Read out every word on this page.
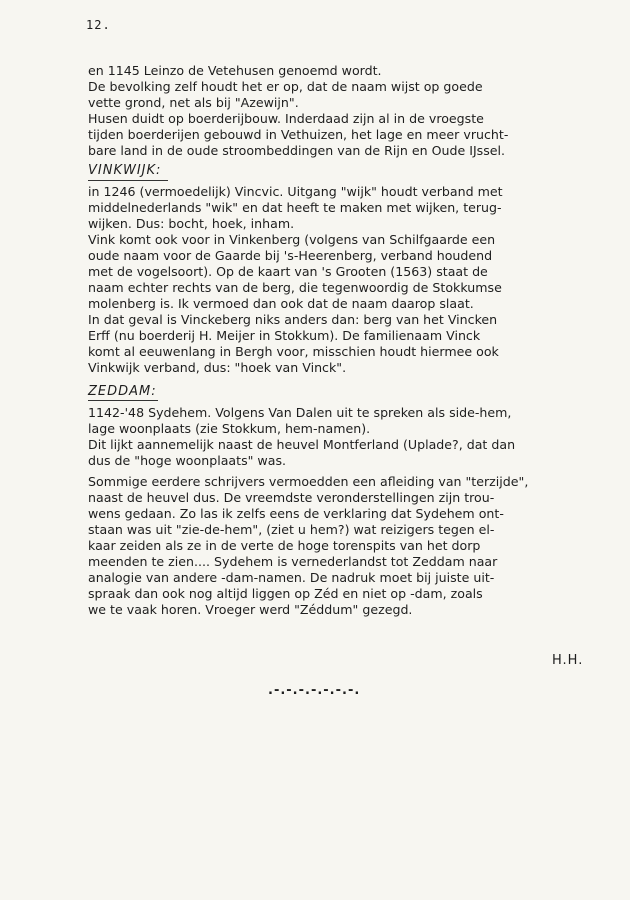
12.

en 1145 Leinzo de Vetehusen genoemd wordt.
De bevolking zelf houdt het er op, dat de naam wijst op goede
vette grond, net als bij "Azewijn".
Husen duidt op boerderijbouw. Inderdaad zijn al in de vroegste
tijden boerderijen gebouwd in Vethuizen, het lage en meer vrucht-
bare land in de oude stroombeddingen van de Rijn en Oude IJssel.

VINKWIJK:

in 1246 (vermoedelijk) Vincvic. Uitgang "wijk" houdt verband met
middelnederlands "wik" en dat heeft te maken met wijken, terug-
wijken. Dus: bocht, hoek, inham.
Vink komt ook voor in Vinkenberg (volgens van Schilfgaarde een
oude naam voor de Gaarde bij 's-Heerenberg, verband houdend
met de vogelsoort). Op de kaart van 's Grooten (1563) staat de
naam echter rechts van de berg, die tegenwoordig de Stokkumse
molenberg is. Ik vermoed dan ook dat de naam daarop slaat.
In dat geval is Vinckeberg niks anders dan: berg van het Vincken
Erff (nu boerderij H. Meijer in Stokkum). De familienaam Vinck
komt al eeuwenlang in Bergh voor, misschien houdt hiermee ook
Vinkwijk verband, dus: "hoek van Vinck".

ZEDDAM:

1142-'48 Sydehem. Volgens Van Dalen uit te spreken als side-hem,
lage woonplaats (zie Stokkum, hem-namen).
Dit lijkt aannemelijk naast de heuvel Montferland (Uplade?, dat dan
dus de "hoge woonplaats" was.

Sommige eerdere schrijvers vermoedden een afleiding van "terzijde",
naast de heuvel dus. De vreemdste veronderstellingen zijn trou-
wens gedaan. Zo las ik zelfs eens de verklaring dat Sydehem ont-
staan was uit "zie-de-hem", (ziet u hem?) wat reizigers tegen el-
kaar zeiden als ze in de verte de hoge torenspits van het dorp
meenden te zien.... Sydehem is vernederlandst tot Zeddam naar
analogie van andere -dam-namen. De nadruk moet bij juiste uit-
spraak dan ook nog altijd liggen op Zéd en niet op -dam, zoals
we te vaak horen. Vroeger werd "Zéddum" gezegd.

H.H.
.-.-.-.-.-.-.-.
